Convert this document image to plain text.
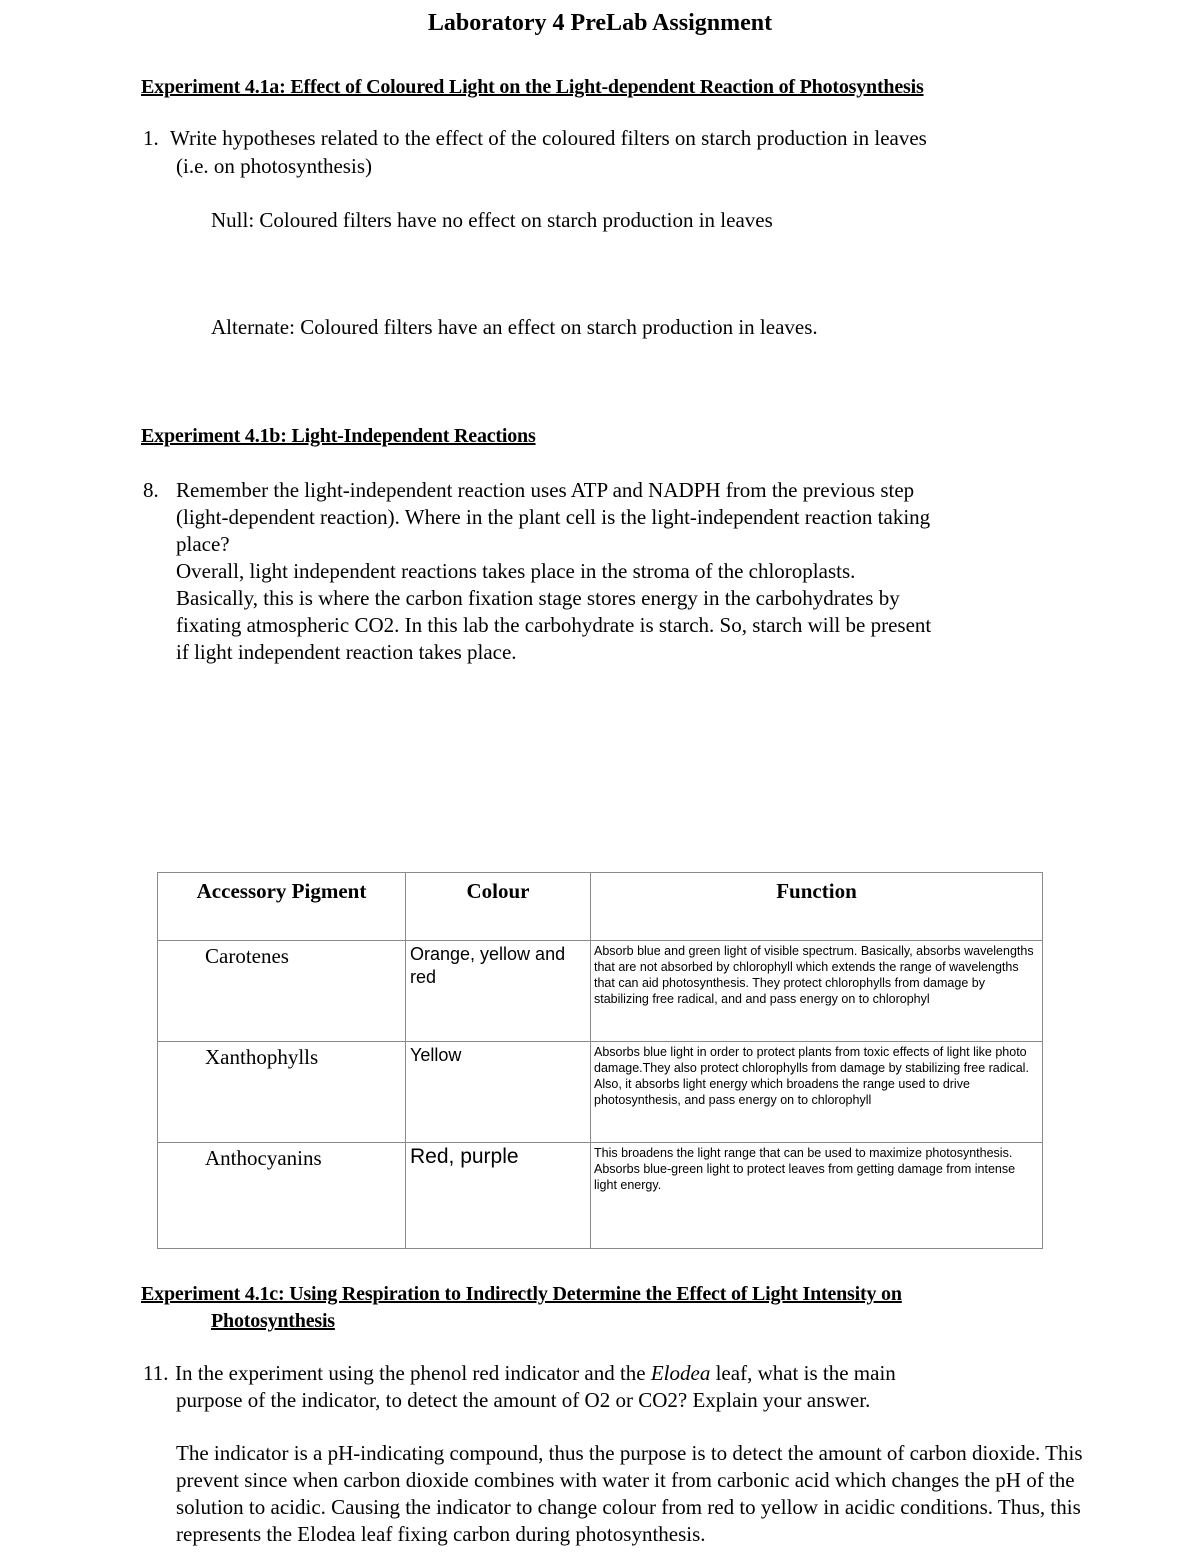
Laboratory 4 PreLab Assignment
Experiment 4.1a: Effect of Coloured Light on the Light-dependent Reaction of Photosynthesis
1. Write hypotheses related to the effect of the coloured filters on starch production in leaves
(i.e. on photosynthesis)
Null: Coloured filters have no effect on starch production in leaves
Alternate: Coloured filters have an effect on starch production in leaves.
Experiment 4.1b: Light-Independent Reactions
8. Remember the light-independent reaction uses ATP and NADPH from the previous step
(light-dependent reaction). Where in the plant cell is the light-independent reaction taking
place?
Overall, light independent reactions takes place in the stroma of the chloroplasts.
Basically, this is where the carbon fixation stage stores energy in the carbohydrates by
fixating atmospheric CO2. In this lab the carbohydrate is starch. So, starch will be present
if light independent reaction takes place.
Accessory Pigment	Colour	Function
Carotenes	Orange, yellow and red	Absorb blue and green light of visible spectrum. Basically, absorbs wavelengths that are not absorbed by chlorophyll which extends the range of wavelengths that can aid photosynthesis. They protect chlorophylls from damage by stabilizing free radical, and and pass energy on to chlorophyl
Xanthophylls	Yellow	Absorbs blue light in order to protect plants from toxic effects of light like photo damage.They also protect chlorophylls from damage by stabilizing free radical. Also, it absorbs light energy which broadens the range used to drive photosynthesis, and pass energy on to chlorophyll
Anthocyanins	Red, purple	This broadens the light range that can be used to maximize photosynthesis. Absorbs blue-green light to protect leaves from getting damage from intense light energy.
Experiment 4.1c: Using Respiration to Indirectly Determine the Effect of Light Intensity on
Photosynthesis
11. In the experiment using the phenol red indicator and the Elodea leaf, what is the main
purpose of the indicator, to detect the amount of O2 or CO2? Explain your answer.
The indicator is a pH-indicating compound, thus the purpose is to detect the amount of carbon dioxide. This
prevent since when carbon dioxide combines with water it from carbonic acid which changes the pH of the
solution to acidic. Causing the indicator to change colour from red to yellow in acidic conditions. Thus, this
represents the Elodea leaf fixing carbon during photosynthesis.
